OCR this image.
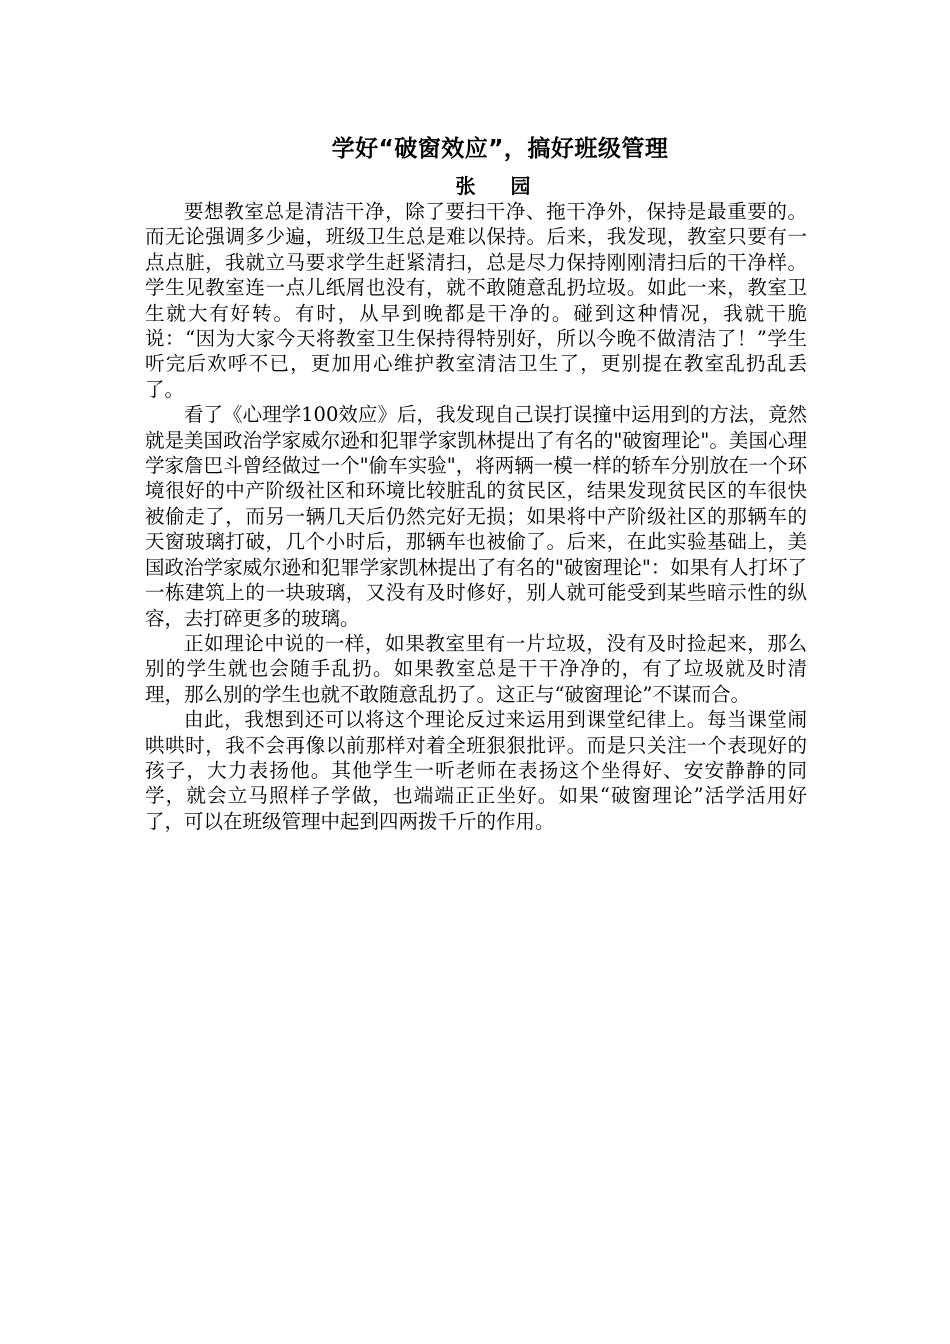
学好“破窗效应”，搞好班级管理
张 园

要想教室总是清洁干净，除了要扫干净、拖干净外，保持是最重要的。而无论强调多少遍，班级卫生总是难以保持。后来，我发现，教室只要有一点点脏，我就立马要求学生赶紧清扫，总是尽力保持刚刚清扫后的干净样。学生见教室连一点儿纸屑也没有，就不敢随意乱扔垃圾。如此一来，教室卫生就大有好转。有时，从早到晚都是干净的。碰到这种情况，我就干脆说：“因为大家今天将教室卫生保持得特别好，所以今晚不做清洁了！”学生听完后欢呼不已，更加用心维护教室清洁卫生了，更别提在教室乱扔乱丢了。

看了《心理学100效应》后，我发现自己误打误撞中运用到的方法，竟然就是美国政治学家威尔逊和犯罪学家凯林提出了有名的"破窗理论"。美国心理学家詹巴斗曾经做过一个"偷车实验"，将两辆一模一样的轿车分别放在一个环境很好的中产阶级社区和环境比较脏乱的贫民区，结果发现贫民区的车很快被偷走了，而另一辆几天后仍然完好无损；如果将中产阶级社区的那辆车的天窗玻璃打破，几个小时后，那辆车也被偷了。后来，在此实验基础上，美国政治学家威尔逊和犯罪学家凯林提出了有名的"破窗理论"：如果有人打坏了一栋建筑上的一块玻璃，又没有及时修好，别人就可能受到某些暗示性的纵容，去打碎更多的玻璃。

正如理论中说的一样，如果教室里有一片垃圾，没有及时捡起来，那么别的学生就也会随手乱扔。如果教室总是干干净净的，有了垃圾就及时清理，那么别的学生也就不敢随意乱扔了。这正与“破窗理论”不谋而合。

由此，我想到还可以将这个理论反过来运用到课堂纪律上。每当课堂闹哄哄时，我不会再像以前那样对着全班狠狠批评。而是只关注一个表现好的孩子，大力表扬他。其他学生一听老师在表扬这个坐得好、安安静静的同学，就会立马照样子学做，也端端正正坐好。如果“破窗理论”活学活用好了，可以在班级管理中起到四两拨千斤的作用。
